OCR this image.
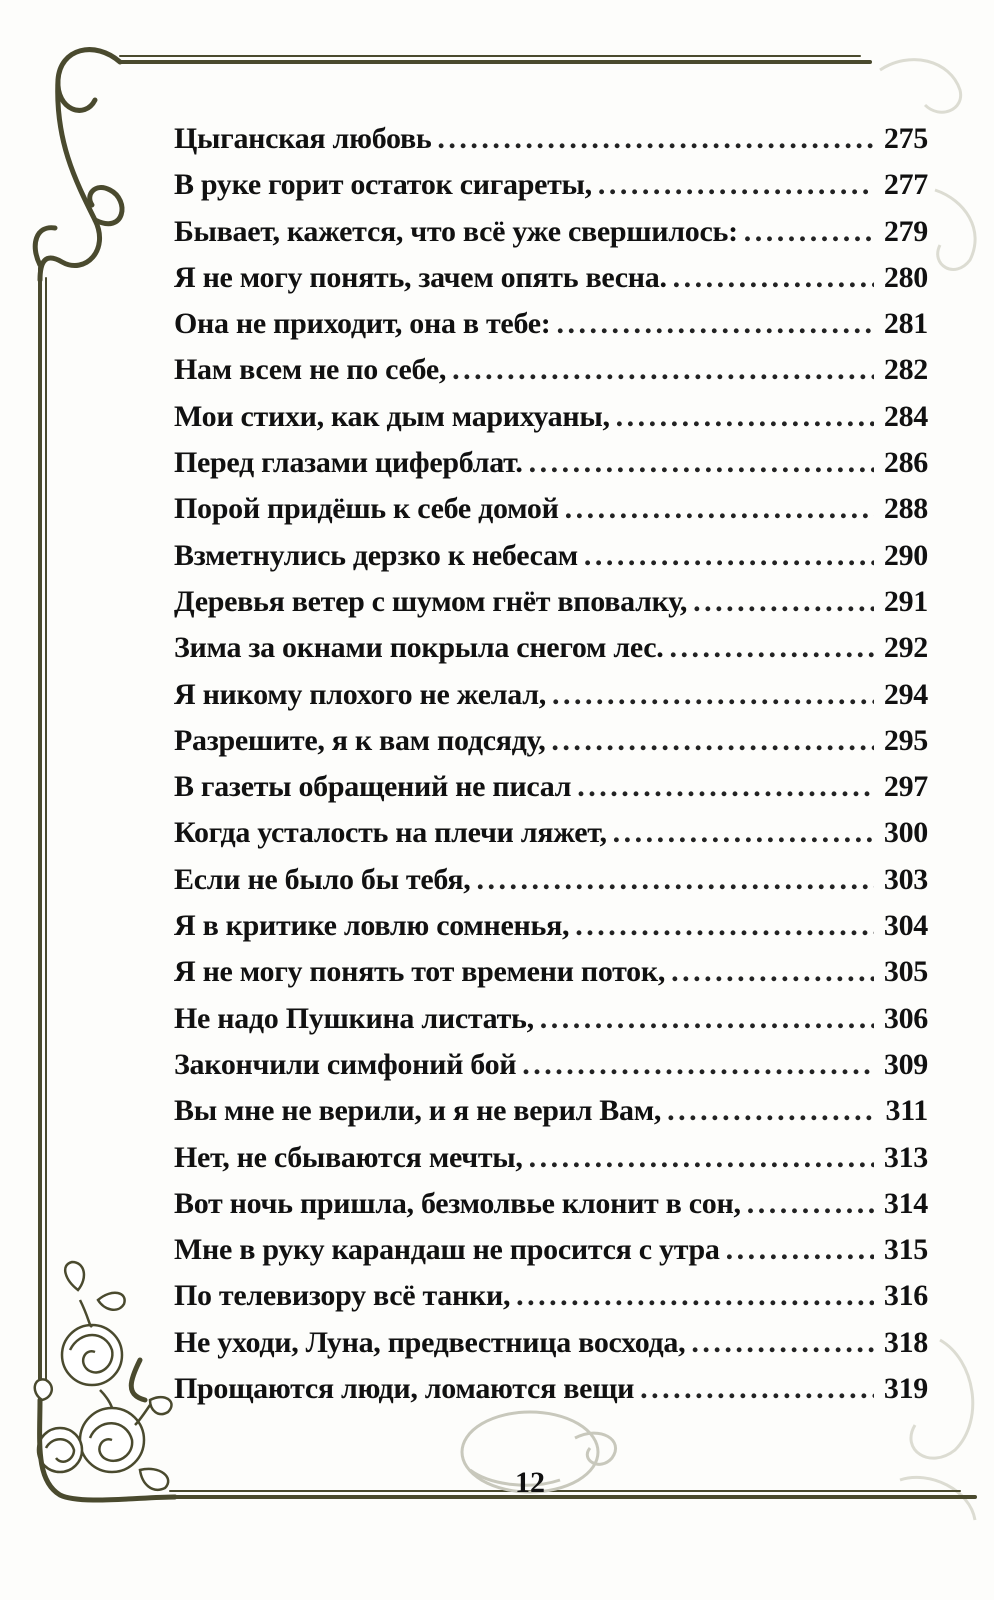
Цыганская любовь . . .	275
В руке горит остаток сигареты, . . .	277
Бывает, кажется, что всё уже свершилось: . . .	279
Я не могу понять, зачем опять весна. . . .	280
Она не приходит, она в тебе: . . .	281
Нам всем не по себе, . . .	282
Мои стихи, как дым марихуаны, . . .	284
Перед глазами циферблат. . . .	286
Порой придёшь к себе домой . . .	288
Взметнулись дерзко к небесам . . .	290
Деревья ветер с шумом гнёт вповалку, . . .	291
Зима за окнами покрыла снегом лес. . . .	292
Я никому плохого не желал, . . .	294
Разрешите, я к вам подсяду, . . .	295
В газеты обращений не писал . . .	297
Когда усталость на плечи ляжет, . . .	300
Если не было бы тебя, . . .	303
Я в критике ловлю сомненья, . . .	304
Я не могу понять тот времени поток, . . .	305
Не надо Пушкина листать, . . .	306
Закончили симфоний бой . . .	309
Вы мне не верили, и я не верил Вам, . . .	311
Нет, не сбываются мечты, . . .	313
Вот ночь пришла, безмолвье клонит в сон, . . .	314
Мне в руку карандаш не просится с утра . . .	315
По телевизору всё танки, . . .	316
Не уходи, Луна, предвестница восхода, . . .	318
Прощаются люди, ломаются вещи . . .	319
12
